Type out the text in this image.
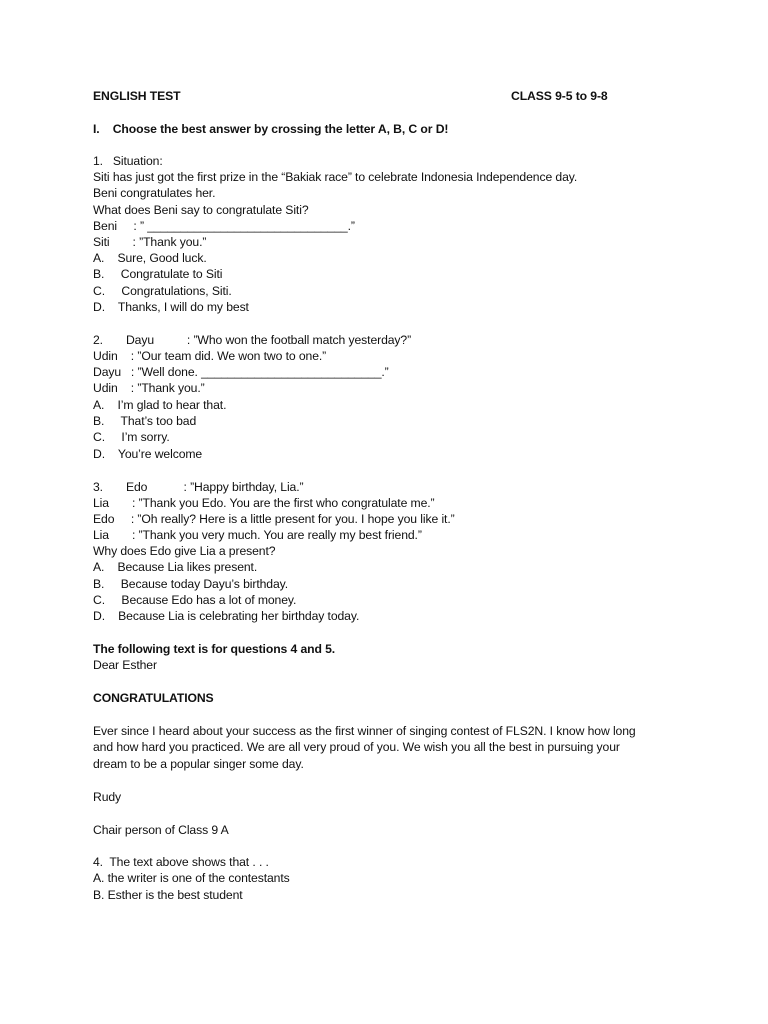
ENGLISH TEST	CLASS 9-5 to 9-8
I.    Choose the best answer by crossing the letter A, B, C or D!
1.   Situation:
Siti has just got the first prize in the “Bakiak race” to celebrate Indonesia Independence day.
Beni congratulates her.
What does Beni say to congratulate Siti?
Beni     : ” ______________________________.”
Siti       : ”Thank you.”
A.    Sure, Good luck.
B.     Congratulate to Siti
C.     Congratulations, Siti.
D.    Thanks, I will do my best
2.       Dayu          : ”Who won the football match yesterday?”
Udin    : ”Our team did. We won two to one.”
Dayu   : ”Well done. ___________________________.”
Udin    : ”Thank you.”
A.    I’m glad to hear that.
B.     That’s too bad
C.     I’m sorry.
D.    You’re welcome
3.       Edo           : ”Happy birthday, Lia.”
Lia       : ”Thank you Edo. You are the first who congratulate me.”
Edo     : ”Oh really? Here is a little present for you. I hope you like it.”
Lia       : ”Thank you very much. You are really my best friend.”
Why does Edo give Lia a present?
A.    Because Lia likes present.
B.     Because today Dayu’s birthday.
C.     Because Edo has a lot of money.
D.    Because Lia is celebrating her birthday today.
The following text is for questions 4 and 5.
Dear Esther
CONGRATULATIONS
Ever since I heard about your success as the first winner of singing contest of FLS2N. I know how long
and how hard you practiced. We are all very proud of you. We wish you all the best in pursuing your
dream to be a popular singer some day.
Rudy
Chair person of Class 9 A
4.  The text above shows that . . .
A. the writer is one of the contestants
B. Esther is the best student
